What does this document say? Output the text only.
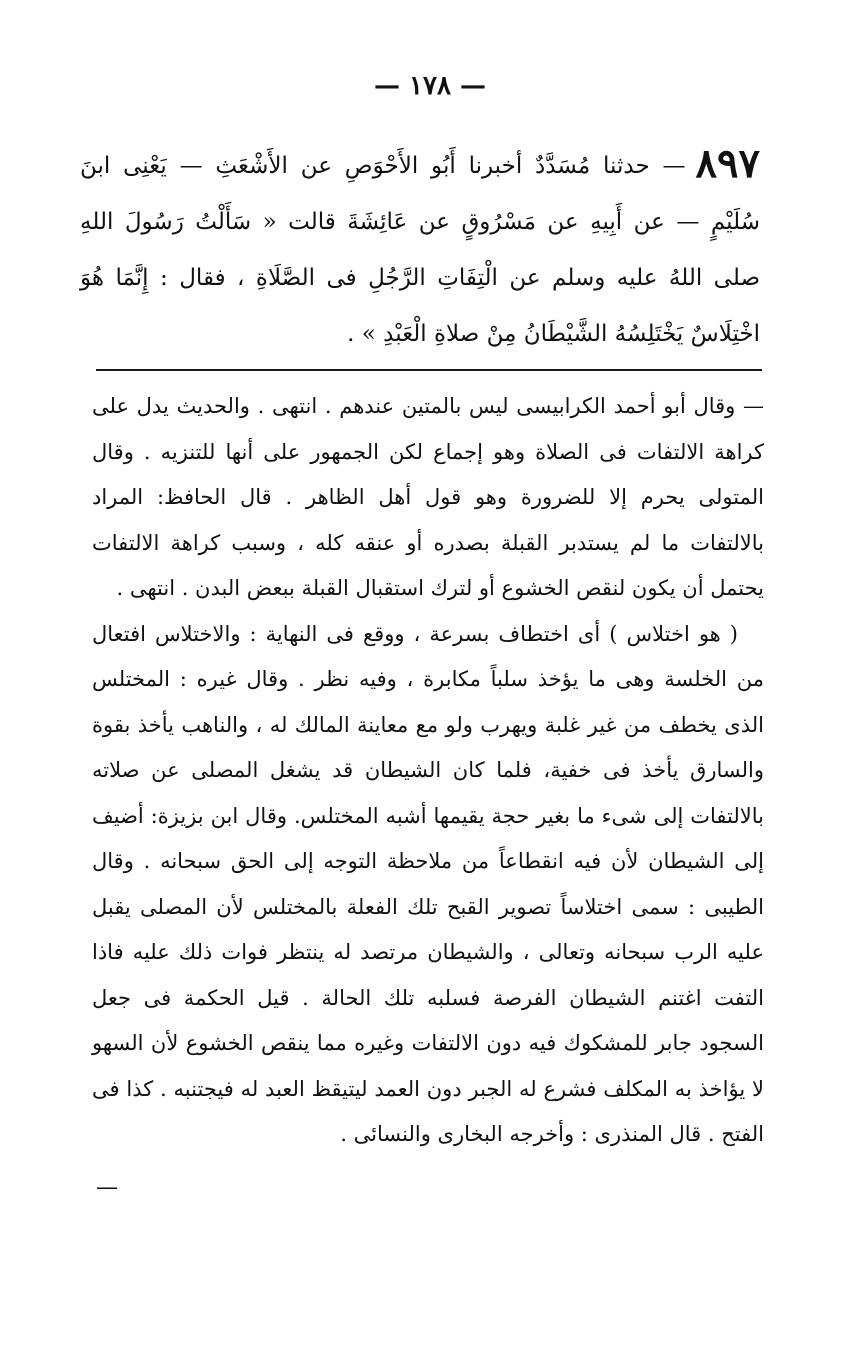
— ١٧٨ —
٨٩٧— حدثنا مُسَدَّدٌ أخبرنا أَبُو الأَحْوَصِ عن الأَشْعَثِ — يَعْنِى ابنَ سُلَيْمٍ — عن أَبِيهِ عن مَسْرُوقٍ عن عَائِشَةَ قالت « سَأَلْتُ رَسُولَ اللهِ صلى اللهُ عليه وسلم عن الْتِفَاتِ الرَّجُلِ فى الصَّلَاةِ ، فقال : إِنَّمَا هُوَ اخْتِلَاسٌ يَخْتَلِسُهُ الشَّيْطَانُ مِنْ صلاةِ الْعَبْدِ » .

— وقال أبو أحمد الكرابيسى ليس بالمتين عندهم . انتهى . والحديث يدل على كراهة الالتفات فى الصلاة وهو إجماع لكن الجمهور على أنها للتنزيه . وقال المتولى يحرم إلا للضرورة وهو قول أهل الظاهر . قال الحافظ: المراد بالالتفات ما لم يستدبر القبلة بصدره أو عنقه كله ، وسبب كراهة الالتفات يحتمل أن يكون لنقص الخشوع أو لترك استقبال القبلة ببعض البدن . انتهى .

( هو اختلاس ) أى اختطاف بسرعة ، ووقع فى النهاية : والاختلاس افتعال من الخلسة وهى ما يؤخذ سلباً مكابرة ، وفيه نظر . وقال غيره : المختلس الذى يخطف من غير غلبة ويهرب ولو مع معاينة المالك له ، والناهب يأخذ بقوة والسارق يأخذ فى خفية، فلما كان الشيطان قد يشغل المصلى عن صلاته بالالتفات إلى شىء ما بغير حجة يقيمها أشبه المختلس. وقال ابن بزيزة: أضيف إلى الشيطان لأن فيه انقطاعاً من ملاحظة التوجه إلى الحق سبحانه . وقال الطيبى : سمى اختلاساً تصوير القبح تلك الفعلة بالمختلس لأن المصلى يقبل عليه الرب سبحانه وتعالى ، والشيطان مرتصد له ينتظر فوات ذلك عليه فاذا التفت اغتنم الشيطان الفرصة فسلبه تلك الحالة . قيل الحكمة فى جعل السجود جابر للمشكوك فيه دون الالتفات وغيره مما ينقص الخشوع لأن السهو لا يؤاخذ به المكلف فشرع له الجبر دون العمد ليتيقظ العبد له فيجتنبه . كذا فى الفتح . قال المنذرى : وأخرجه البخارى والنسائى .

—
